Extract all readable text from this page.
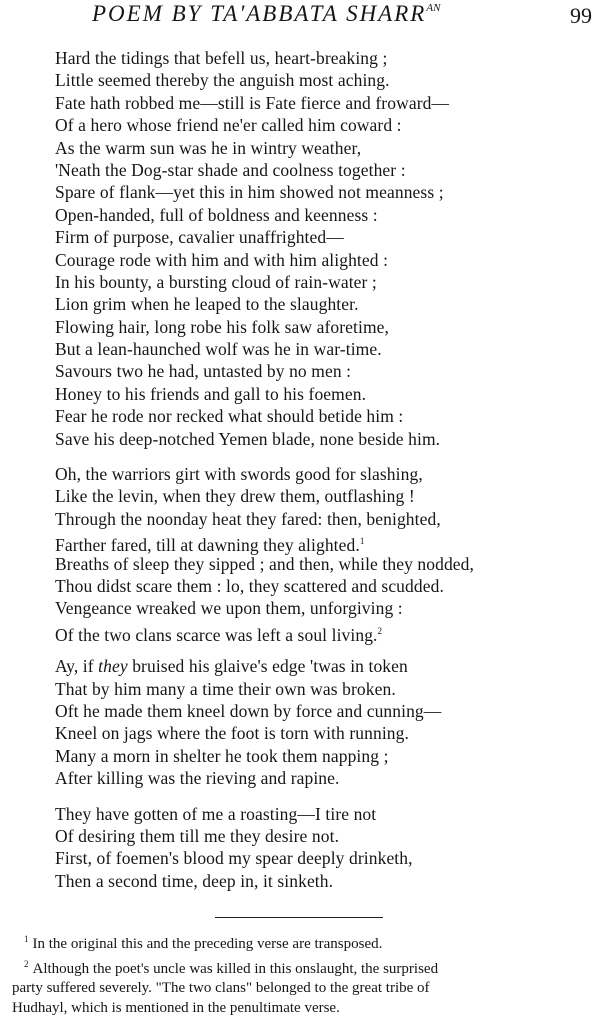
POEM BY TA'ABBATA $SHARR^{AN}$	99
Hard the tidings that befell us, heart-breaking ;
Little seemed thereby the anguish most aching.
Fate hath robbed me—still is Fate fierce and froward—
Of a hero whose friend ne'er called him coward :
As the warm sun was he in wintry weather,
'Neath the Dog-star shade and coolness together :
Spare of flank—yet this in him showed not meanness ;
Open-handed, full of boldness and keenness :
Firm of purpose, cavalier unaffrighted—
Courage rode with him and with him alighted :
In his bounty, a bursting cloud of rain-water ;
Lion grim when he leaped to the slaughter.
Flowing hair, long robe his folk saw aforetime,
But a lean-haunched wolf was he in war-time.
Savours two he had, untasted by no men :
Honey to his friends and gall to his foemen.
Fear he rode nor recked what should betide him :
Save his deep-notched Yemen blade, none beside him.
Oh, the warriors girt with swords good for slashing,
Like the levin, when they drew them, outflashing !
Through the noonday heat they fared: then, benighted,
Farther fared, till at dawning they alighted.$^1$
Breaths of sleep they sipped ; and then, while they nodded,
Thou didst scare them : lo, they scattered and scudded.
Vengeance wreaked we upon them, unforgiving :
Of the two clans scarce was left a soul living.$^2$
Ay, if they bruised his glaive's edge 'twas in token
That by him many a time their own was broken.
Oft he made them kneel down by force and cunning—
Kneel on jags where the foot is torn with running.
Many a morn in shelter he took them napping ;
After killing was the rieving and rapine.
They have gotten of me a roasting—I tire not
Of desiring them till me they desire not.
First, of foemen's blood my spear deeply drinketh,
Then a second time, deep in, it sinketh.
$^1$ In the original this and the preceding verse are transposed.
$^2$ Although the poet's uncle was killed in this onslaught, the surprised
party suffered severely. "The two clans" belonged to the great tribe of
Hudhayl, which is mentioned in the penultimate verse.
